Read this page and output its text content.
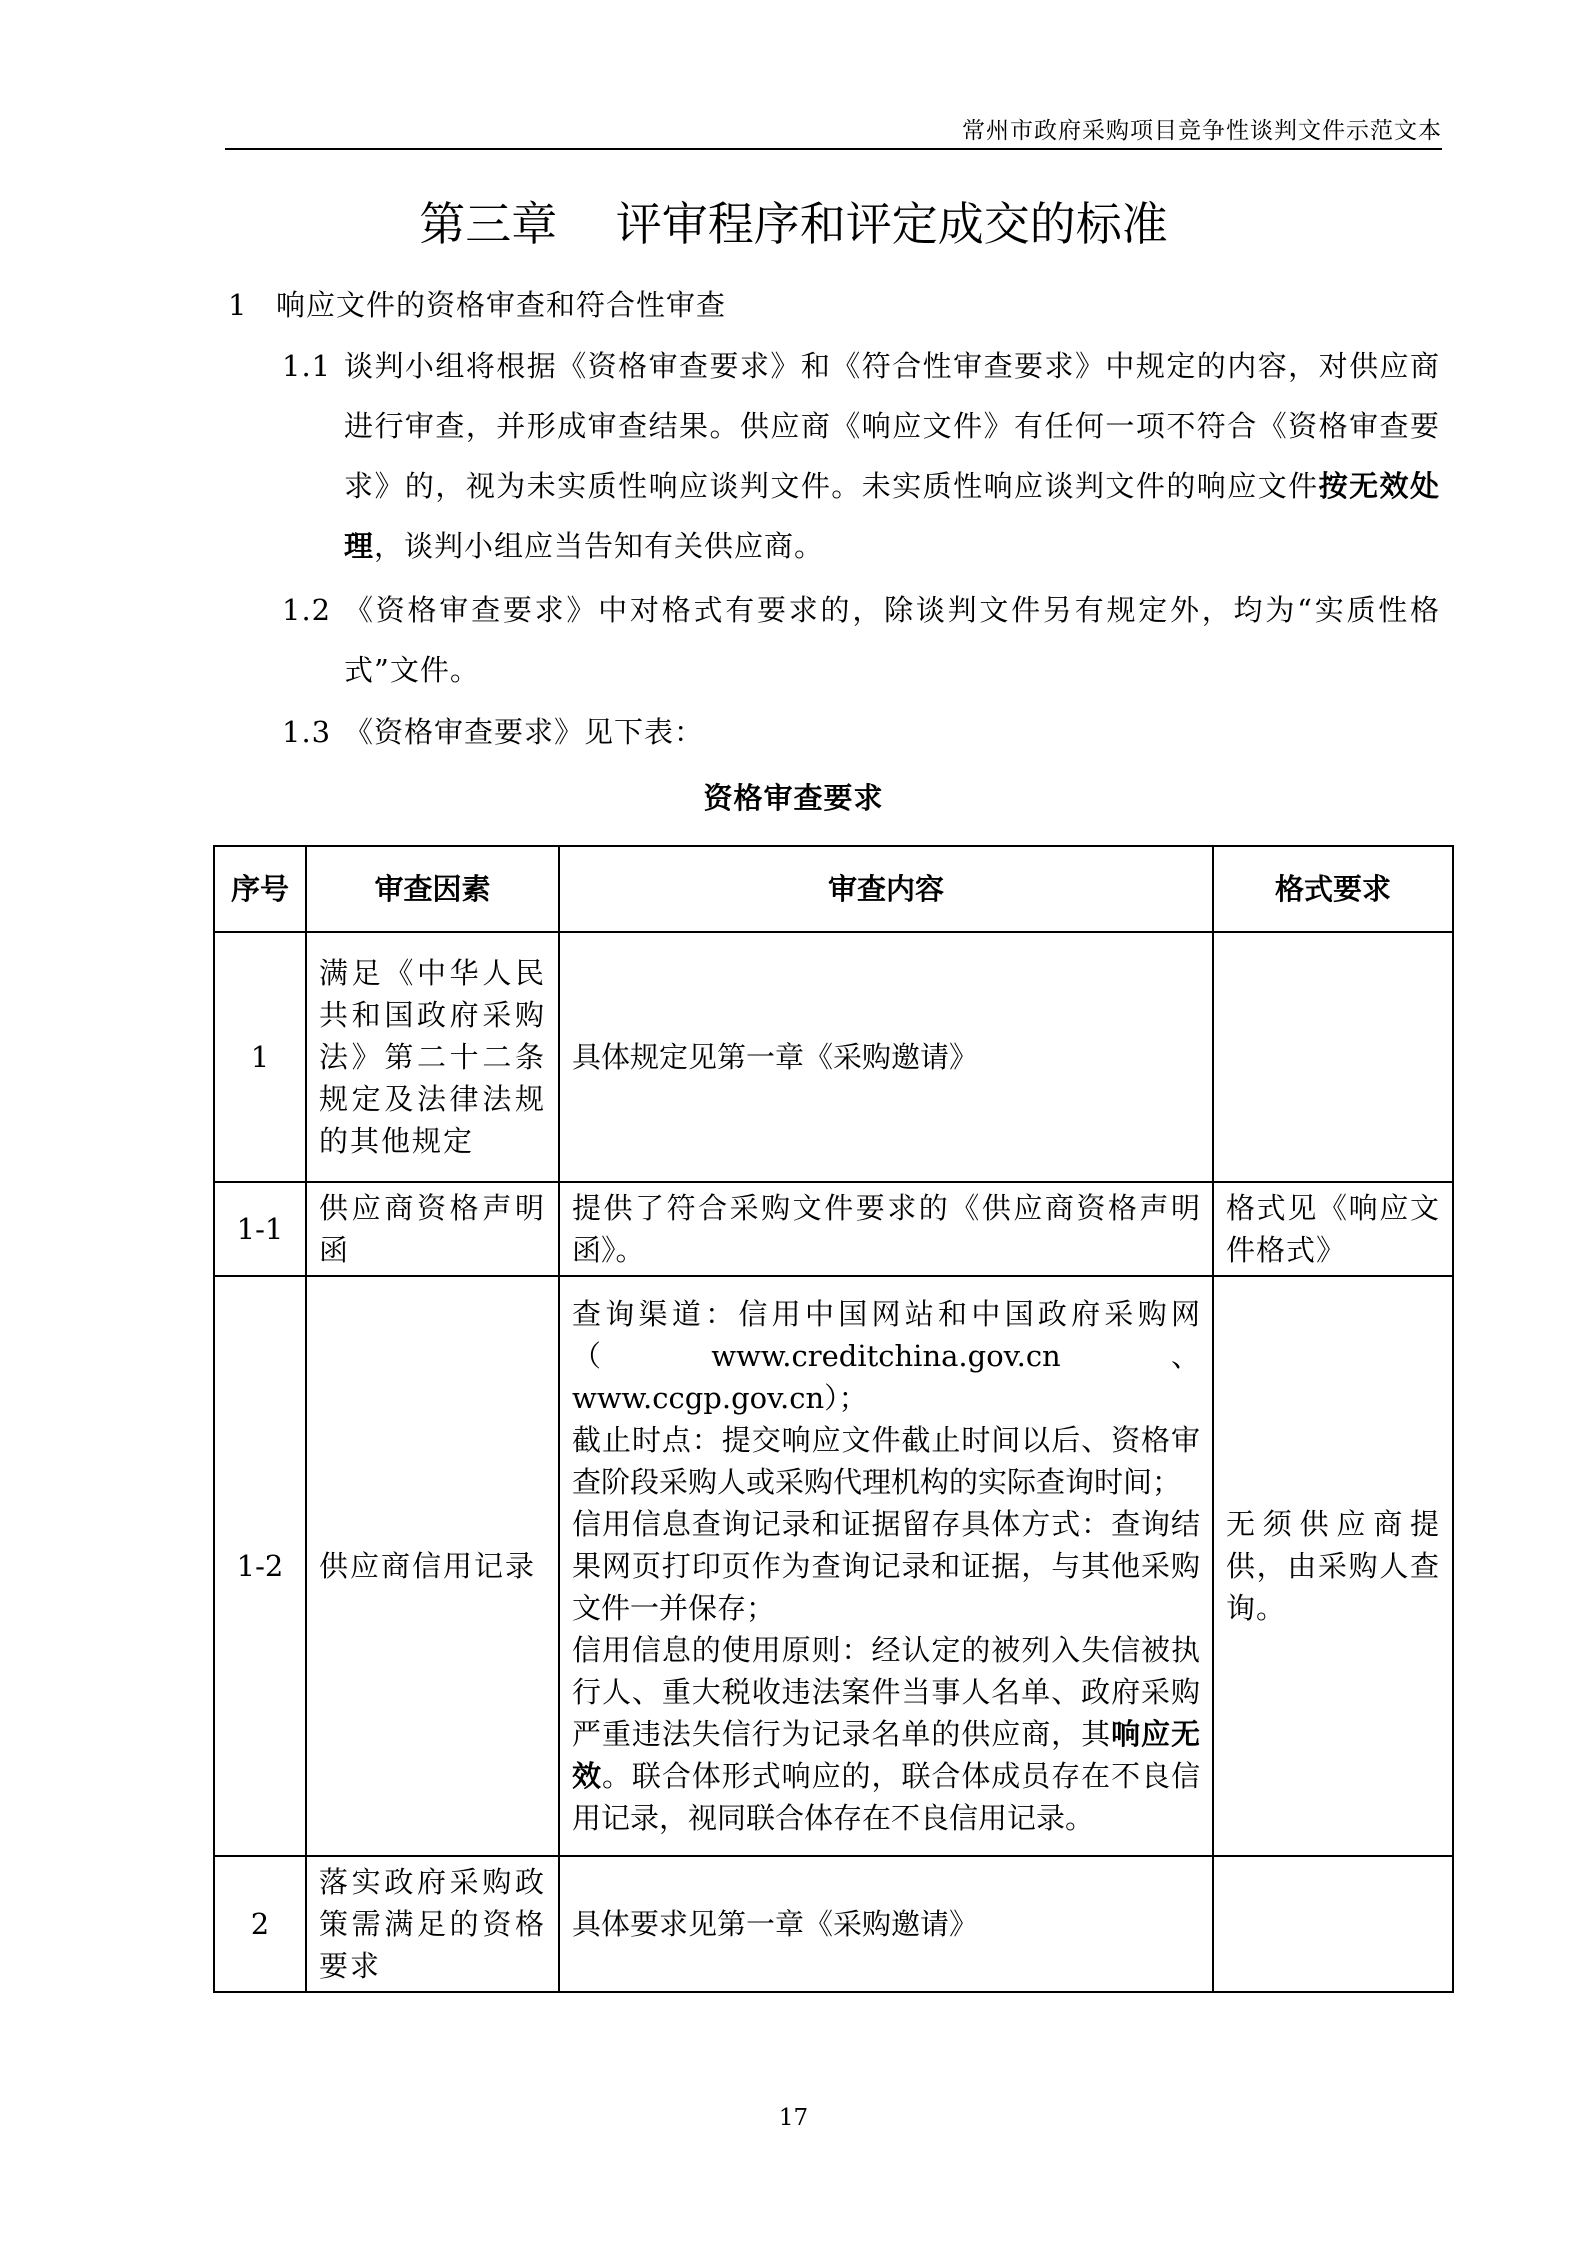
常州市政府采购项目竞争性谈判文件示范文本
第三章    评审程序和评定成交的标准
1 响应文件的资格审查和符合性审查
1.1 谈判小组将根据《资格审查要求》和《符合性审查要求》中规定的内容，对供应商进行审查，并形成审查结果。供应商《响应文件》有任何一项不符合《资格审查要求》的，视为未实质性响应谈判文件。未实质性响应谈判文件的响应文件按无效处理，谈判小组应当告知有关供应商。
1.2 《资格审查要求》中对格式有要求的，除谈判文件另有规定外，均为“实质性格式”文件。
1.3 《资格审查要求》见下表：
资格审查要求
序号	审查因素	审查内容	格式要求
1	满足《中华人民共和国政府采购法》第二十二条规定及法律法规的其他规定	具体规定见第一章《采购邀请》	
1-1	供应商资格声明函	提供了符合采购文件要求的《供应商资格声明函》。	格式见《响应文件格式》
1-2	供应商信用记录	查询渠道：信用中国网站和中国政府采购网（www.creditchina.gov.cn、www.ccgp.gov.cn）；
截止时点：提交响应文件截止时间以后、资格审查阶段采购人或采购代理机构的实际查询时间；
信用信息查询记录和证据留存具体方式：查询结果网页打印页作为查询记录和证据，与其他采购文件一并保存；
信用信息的使用原则：经认定的被列入失信被执行人、重大税收违法案件当事人名单、政府采购严重违法失信行为记录名单的供应商，其响应无效。联合体形式响应的，联合体成员存在不良信用记录，视同联合体存在不良信用记录。	无须供应商提供，由采购人查询。
2	落实政府采购政策需满足的资格要求	具体要求见第一章《采购邀请》	
17
